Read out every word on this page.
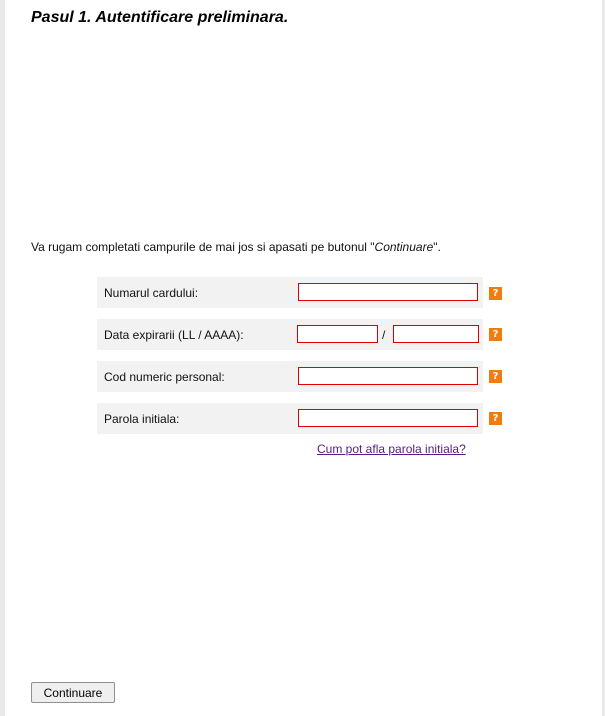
Pasul 1. Autentificare preliminara.

Va rugam completati campurile de mai jos si apasati pe butonul "Continuare".

Numarul cardului:	?
Data expirarii (LL / AAAA):	/	?
Cod numeric personal:	?
Parola initiala:	?
Cum pot afla parola initiala?
Continuare
